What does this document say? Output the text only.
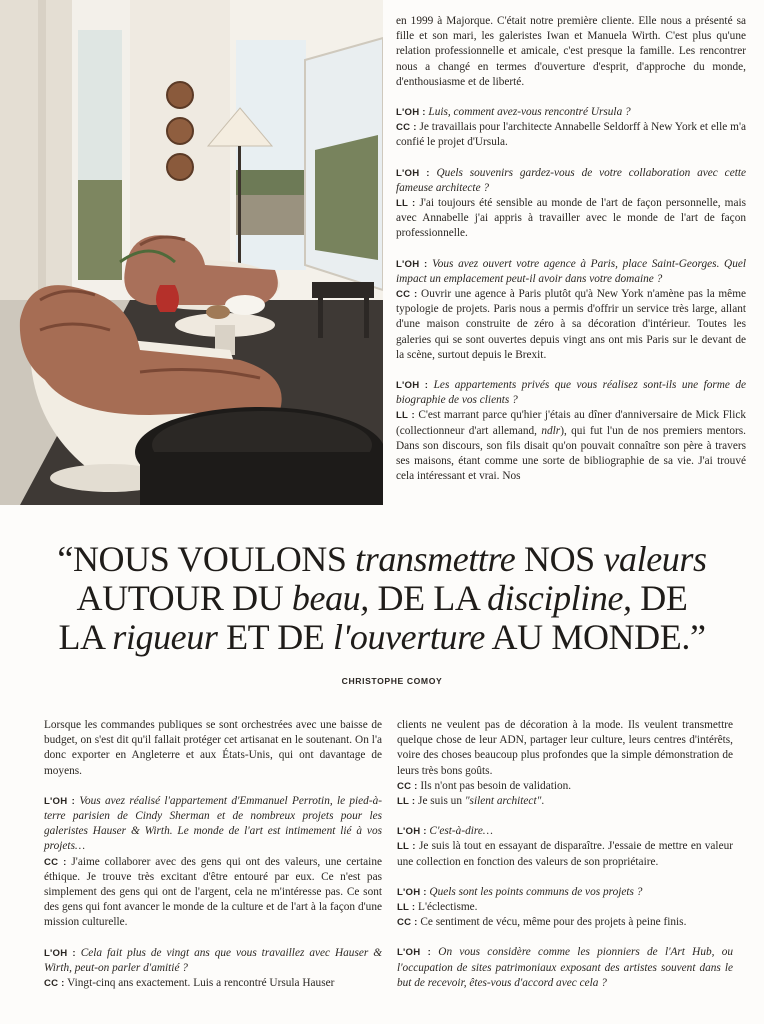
en 1999 à Majorque. C'était notre première cliente. Elle nous a présenté sa fille et son mari, les galeristes Iwan et Manuela Wirth. C'est plus qu'une relation professionnelle et amicale, c'est presque la famille. Les rencontrer nous a changé en termes d'ouverture d'esprit, d'approche du monde, d'enthousiasme et de liberté.

L'OH : Luis, comment avez-vous rencontré Ursula ?

CC : Je travaillais pour l'architecte Annabelle Seldorff à New York et elle m'a confié le projet d'Ursula.

L'OH : Quels souvenirs gardez-vous de votre collaboration avec cette fameuse architecte ?

LL : J'ai toujours été sensible au monde de l'art de façon personnelle, mais avec Annabelle j'ai appris à travailler avec le monde de l'art de façon professionnelle.

L'OH : Vous avez ouvert votre agence à Paris, place Saint-Georges. Quel impact un emplacement peut-il avoir dans votre domaine ?

CC : Ouvrir une agence à Paris plutôt qu'à New York n'amène pas la même typologie de projets. Paris nous a permis d'offrir un service très large, allant d'une maison construite de zéro à sa décoration d'intérieur. Toutes les galeries qui se sont ouvertes depuis vingt ans ont mis Paris sur le devant de la scène, surtout depuis le Brexit.

L'OH : Les appartements privés que vous réalisez sont-ils une forme de biographie de vos clients ?

LL : C'est marrant parce qu'hier j'étais au dîner d'anniversaire de Mick Flick (collectionneur d'art allemand, ndlr), qui fut l'un de nos premiers mentors. Dans son discours, son fils disait qu'on pouvait connaître son père à travers ses maisons, étant comme une sorte de bibliographie de sa vie. J'ai trouvé cela intéressant et vrai. Nos

“NOUS VOULONS transmettre NOS valeurs
AUTOUR DU beau, DE LA discipline, DE
LA rigueur ET DE l'ouverture AU MONDE.”
CHRISTOPHE COMOY

Lorsque les commandes publiques se sont orchestrées avec une baisse de budget, on s'est dit qu'il fallait protéger cet artisanat en le soutenant. On l'a donc exporter en Angleterre et aux États-Unis, qui ont davantage de moyens.

L'OH : Vous avez réalisé l'appartement d'Emmanuel Perrotin, le pied-à-terre parisien de Cindy Sherman et de nombreux projets pour les galeristes Hauser & Wirth. Le monde de l'art est intimement lié à vos projets…

CC : J'aime collaborer avec des gens qui ont des valeurs, une certaine éthique. Je trouve très excitant d'être entouré par eux. Ce n'est pas simplement des gens qui ont de l'argent, cela ne m'intéresse pas. Ce sont des gens qui font avancer le monde de la culture et de l'art à la façon d'une mission culturelle.

L'OH : Cela fait plus de vingt ans que vous travaillez avec Hauser & Wirth, peut-on parler d'amitié ?

CC : Vingt-cinq ans exactement. Luis a rencontré Ursula Hauser

clients ne veulent pas de décoration à la mode. Ils veulent transmettre quelque chose de leur ADN, partager leur culture, leurs centres d'intérêts, voire des choses beaucoup plus profondes que la simple démonstration de leurs très bons goûts.

CC : Ils n'ont pas besoin de validation.

LL : Je suis un "silent architect".

L'OH : C'est-à-dire…

LL : Je suis là tout en essayant de disparaître. J'essaie de mettre en valeur une collection en fonction des valeurs de son propriétaire.

L'OH : Quels sont les points communs de vos projets ?

LL : L'éclectisme.

CC : Ce sentiment de vécu, même pour des projets à peine finis.

L'OH : On vous considère comme les pionniers de l'Art Hub, ou l'occupation de sites patrimoniaux exposant des artistes souvent dans le but de recevoir, êtes-vous d'accord avec cela ?
